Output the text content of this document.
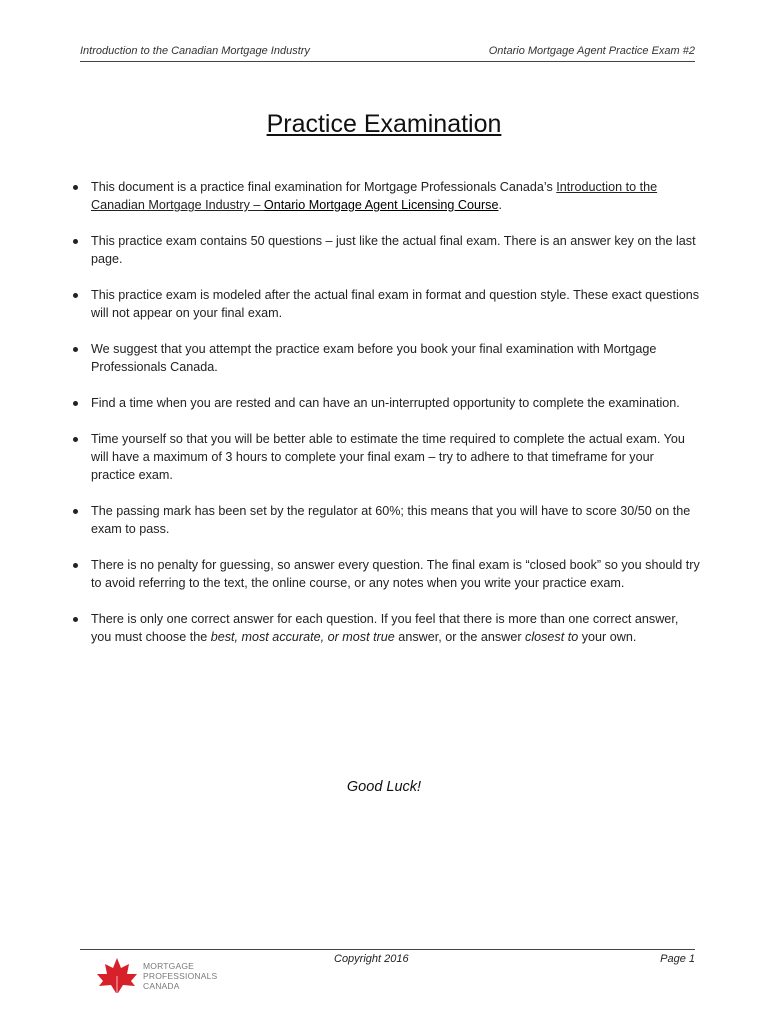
Introduction to the Canadian Mortgage Industry	Ontario Mortgage Agent Practice Exam #2
Practice Examination
This document is a practice final examination for Mortgage Professionals Canada’s Introduction to the Canadian Mortgage Industry – Ontario Mortgage Agent Licensing Course.
This practice exam contains 50 questions – just like the actual final exam. There is an answer key on the last page.
This practice exam is modeled after the actual final exam in format and question style. These exact questions will not appear on your final exam.
We suggest that you attempt the practice exam before you book your final examination with Mortgage Professionals Canada.
Find a time when you are rested and can have an un-interrupted opportunity to complete the examination.
Time yourself so that you will be better able to estimate the time required to complete the actual exam. You will have a maximum of 3 hours to complete your final exam – try to adhere to that timeframe for your practice exam.
The passing mark has been set by the regulator at 60%; this means that you will have to score 30/50 on the exam to pass.
There is no penalty for guessing, so answer every question. The final exam is “closed book” so you should try to avoid referring to the text, the online course, or any notes when you write your practice exam.
There is only one correct answer for each question. If you feel that there is more than one correct answer, you must choose the best, most accurate, or most true answer, or the answer closest to your own.
Good Luck!
Copyright 2016	Page 1
MORTGAGE
PROFESSIONALS
CANADA
